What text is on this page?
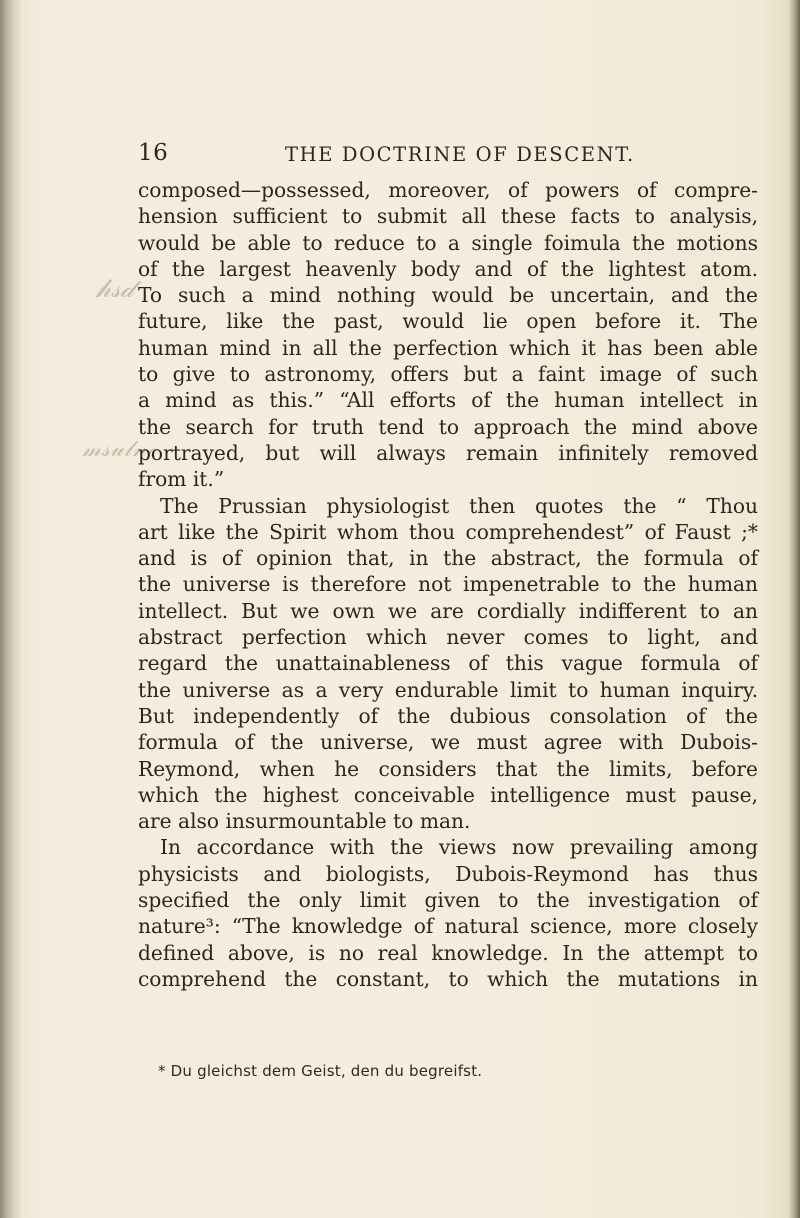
𝒽𝓈𝒹
𝓂𝓈𝓊𝓁𝓃𝒸
16	THE DOCTRINE OF DESCENT.
composed—possessed, moreover, of powers of compre-
hension sufficient to submit all these facts to analysis,
would be able to reduce to a single foimula the motions
of the largest heavenly body and of the lightest atom.
To such a mind nothing would be uncertain, and the
future, like the past, would lie open before it. The
human mind in all the perfection which it has been able
to give to astronomy, offers but a faint image of such
a mind as this.” “All efforts of the human intellect in
the search for truth tend to approach the mind above
portrayed, but will always remain infinitely removed
from it.”
The Prussian physiologist then quotes the “ Thou
art like the Spirit whom thou comprehendest” of Faust ;*
and is of opinion that, in the abstract, the formula of
the universe is therefore not impenetrable to the human
intellect. But we own we are cordially indifferent to an
abstract perfection which never comes to light, and
regard the unattainableness of this vague formula of
the universe as a very endurable limit to human inquiry.
But independently of the dubious consolation of the
formula of the universe, we must agree with Dubois-
Reymond, when he considers that the limits, before
which the highest conceivable intelligence must pause,
are also insurmountable to man.
In accordance with the views now prevailing among
physicists and biologists, Dubois-Reymond has thus
specified the only limit given to the investigation of
nature³: “The knowledge of natural science, more closely
defined above, is no real knowledge. In the attempt to
comprehend the constant, to which the mutations in
* Du gleichst dem Geist, den du begreifst.
